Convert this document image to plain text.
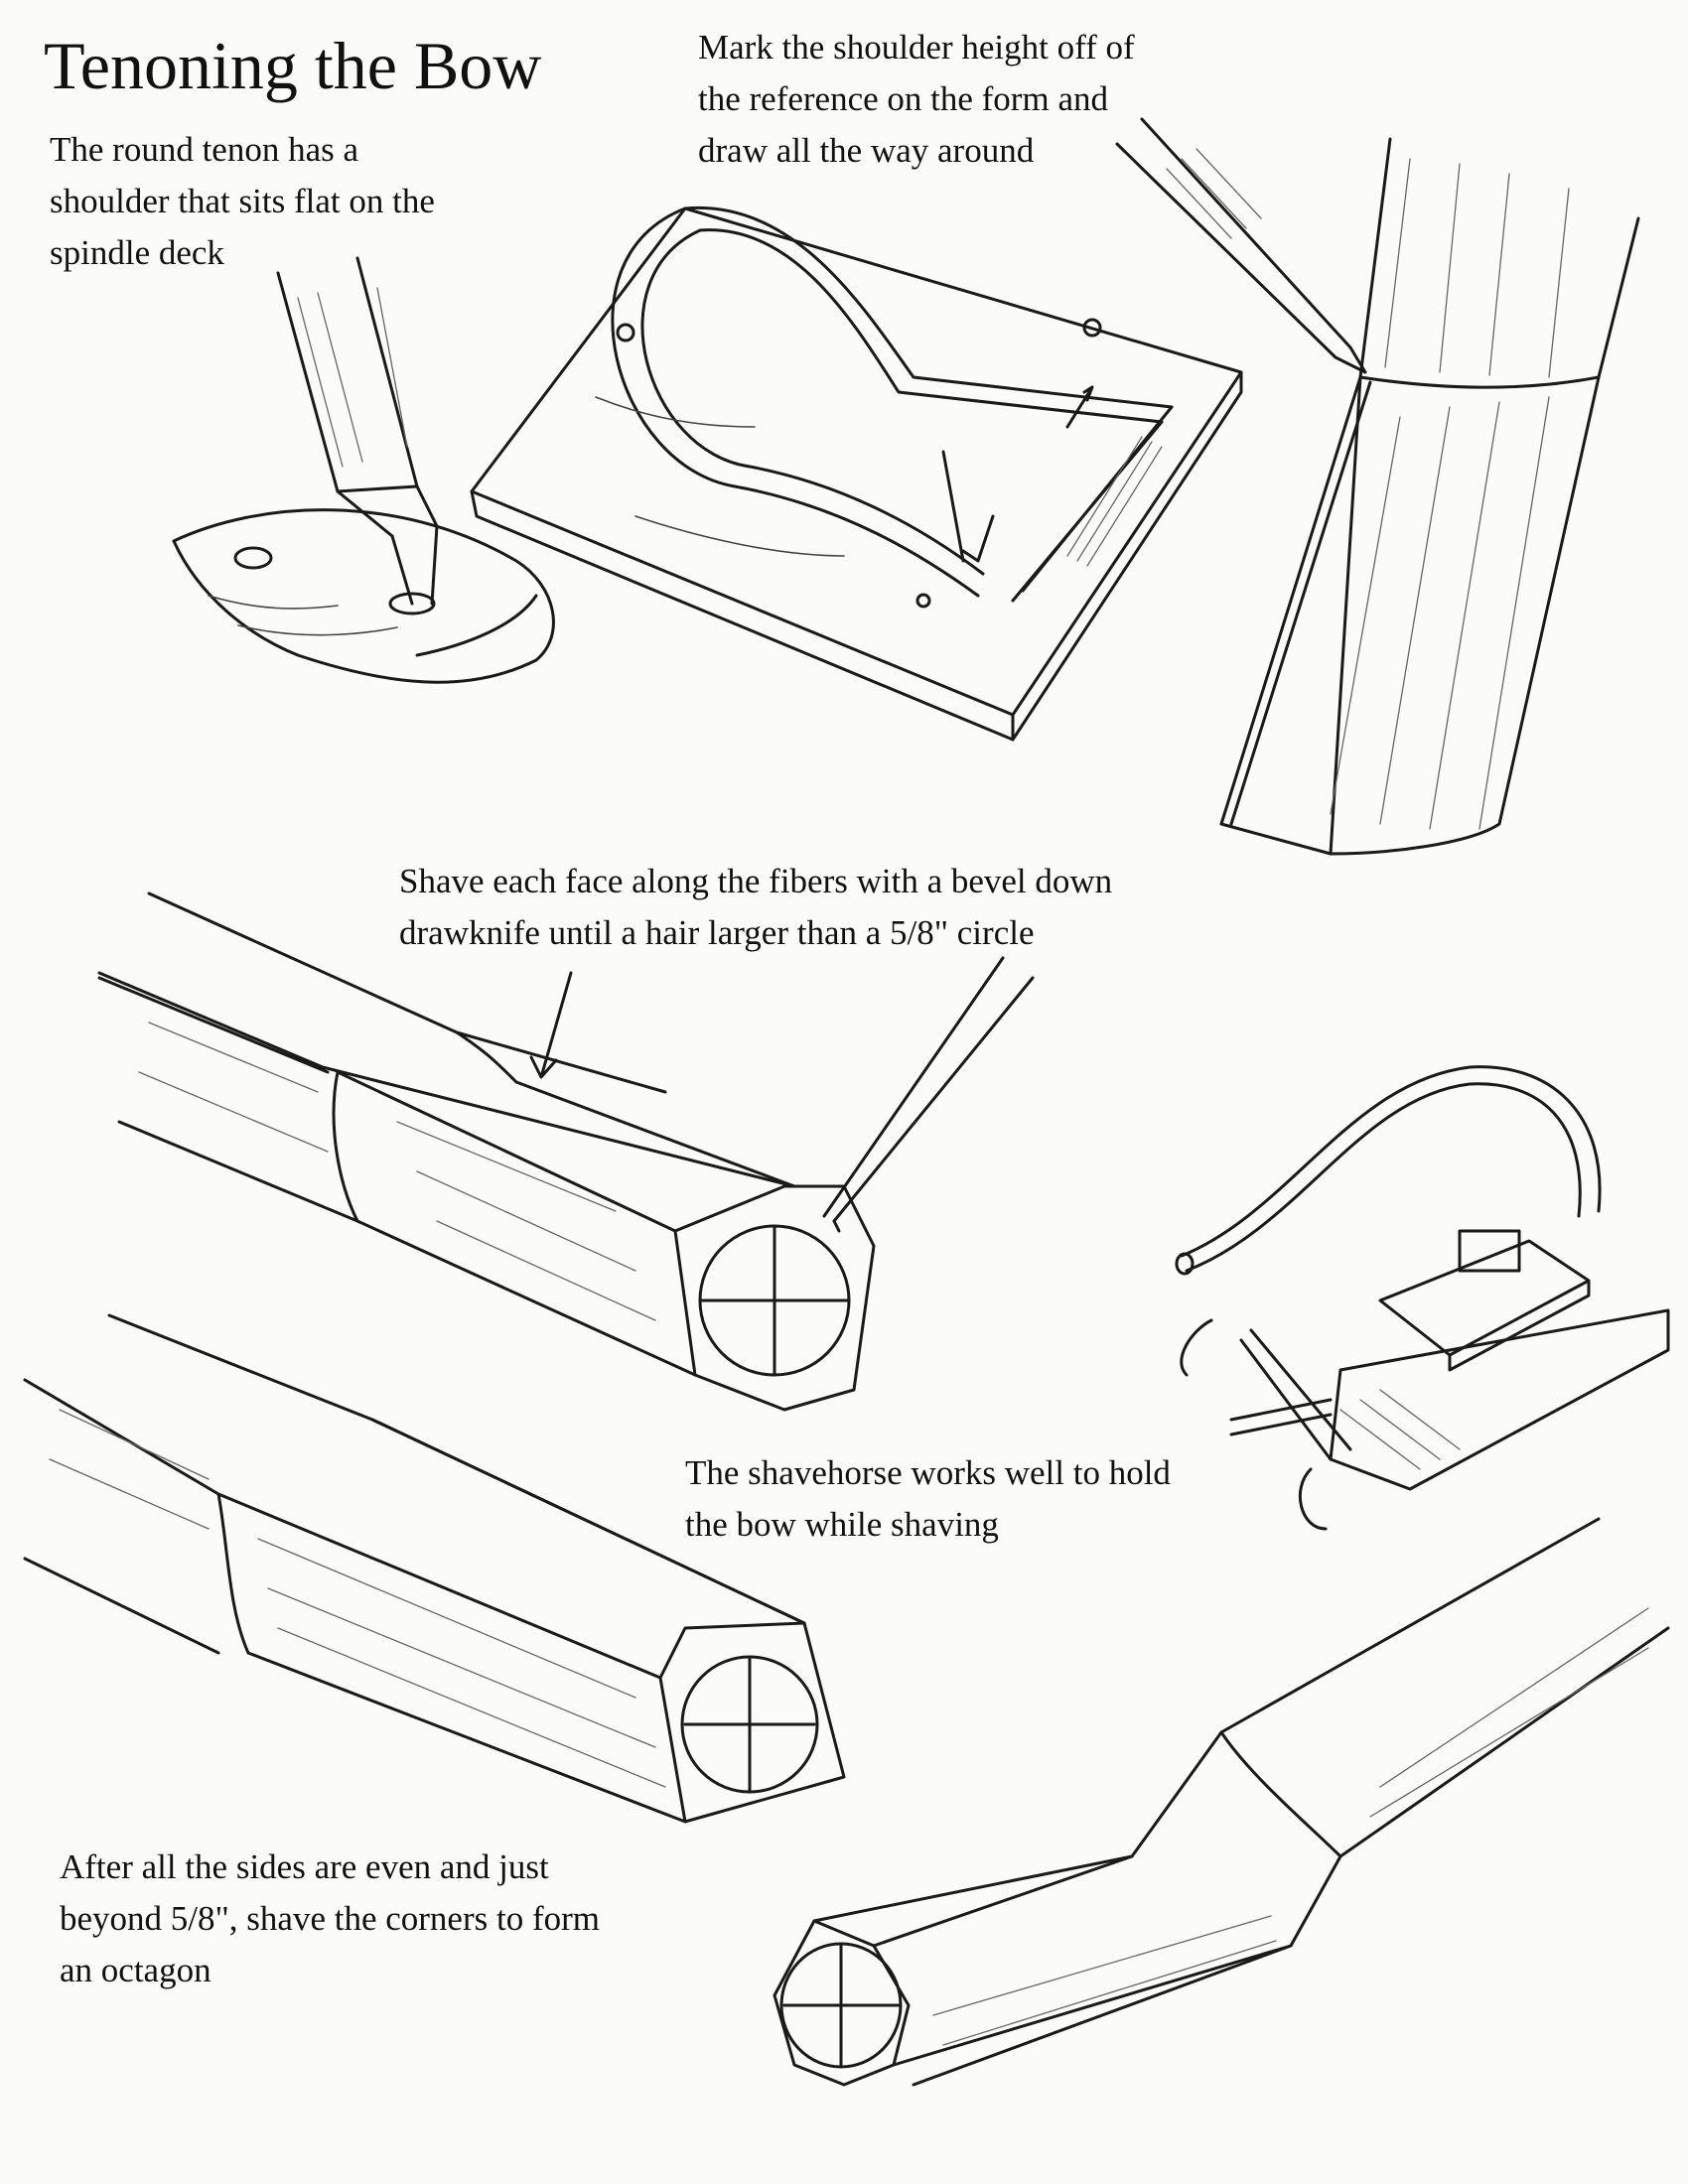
Tenoning the Bow
The round tenon has a
shoulder that sits flat on the
spindle deck
Mark the shoulder height off of
the reference on the form and
draw all the way around
Shave each face along the fibers with a bevel down
drawknife until a hair larger than a 5/8" circle
The shavehorse works well to hold
the bow while shaving
After all the sides are even and just
beyond 5/8", shave the corners to form
an octagon
